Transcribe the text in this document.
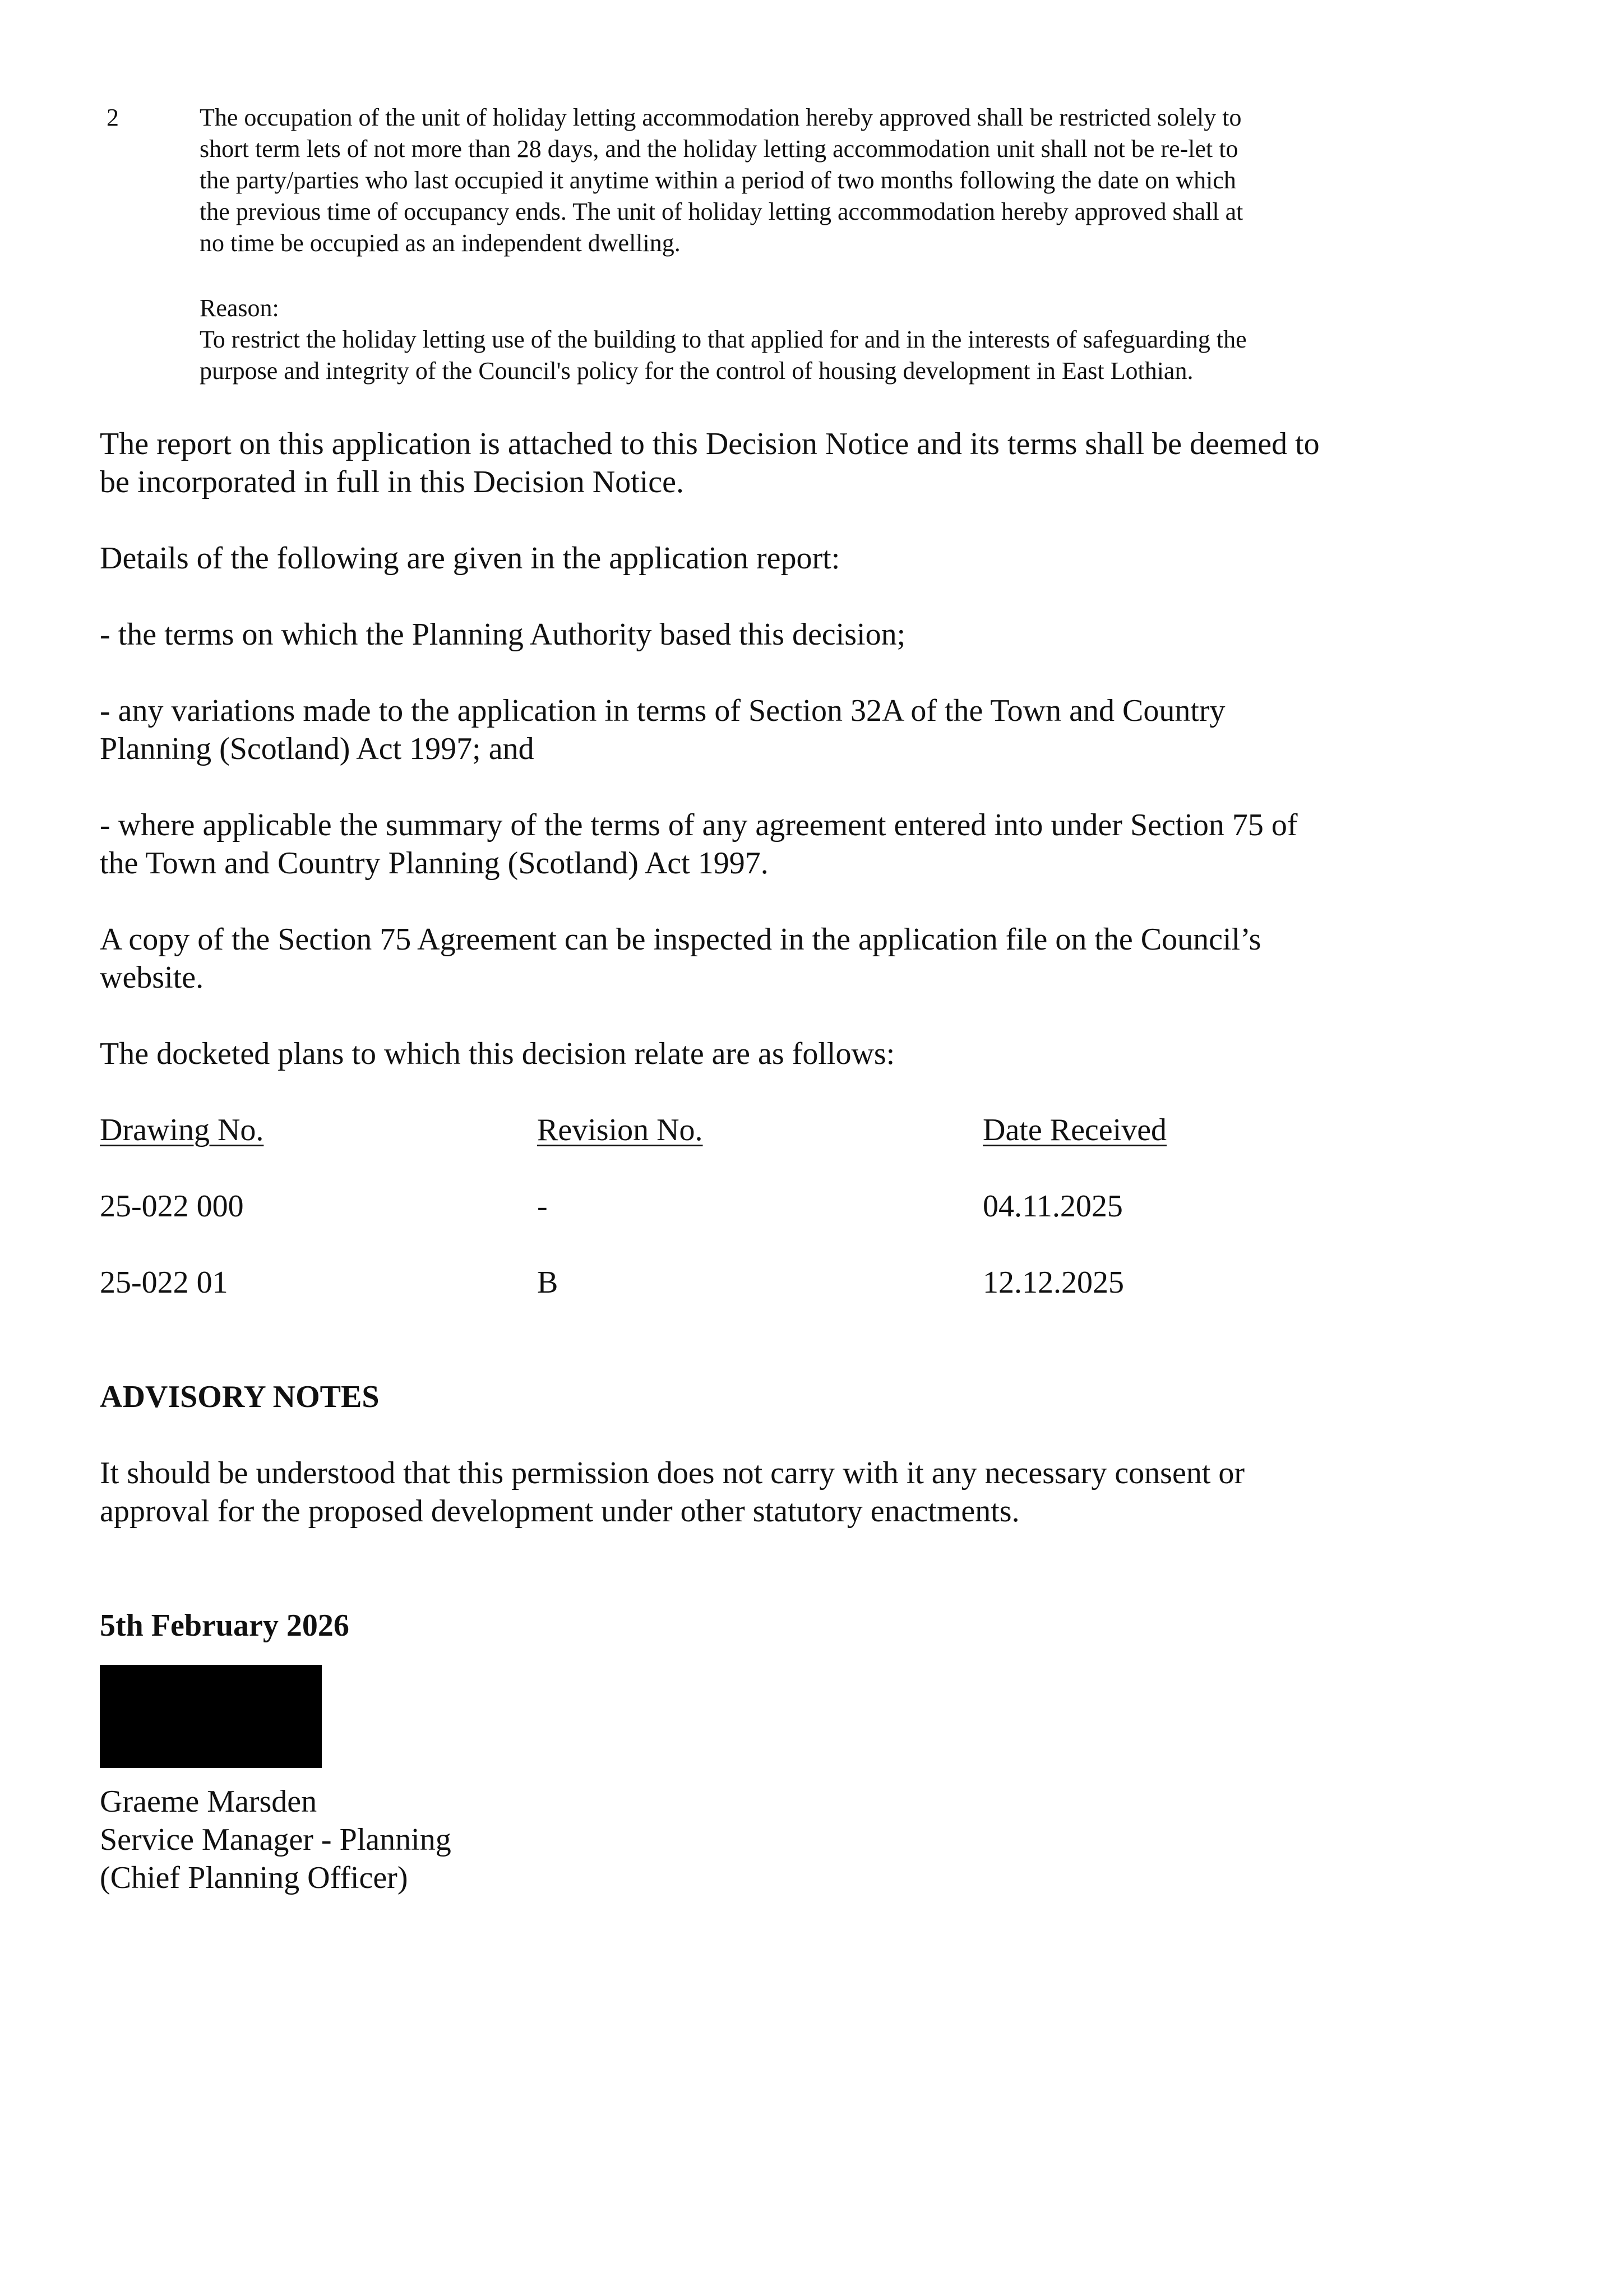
2	The occupation of the unit of holiday letting accommodation hereby approved shall be restricted solely to

short term lets of not more than 28 days, and the holiday letting accommodation unit shall not be re-let to

the party/parties who last occupied it anytime within a period of two months following the date on which

the previous time of occupancy ends. The unit of holiday letting accommodation hereby approved shall at

no time be occupied as an independent dwelling.

Reason:

To restrict the holiday letting use of the building to that applied for and in the interests of safeguarding the

purpose and integrity of the Council's policy for the control of housing development in East Lothian.

The report on this application is attached to this Decision Notice and its terms shall be deemed to
be incorporated in full in this Decision Notice.

Details of the following are given in the application report:

- the terms on which the Planning Authority based this decision;

- any variations made to the application in terms of Section 32A of the Town and Country
Planning (Scotland) Act 1997; and

- where applicable the summary of the terms of any agreement entered into under Section 75 of
the Town and Country Planning (Scotland) Act 1997.

A copy of the Section 75 Agreement can be inspected in the application file on the Council’s
website.

The docketed plans to which this decision relate are as follows:

Drawing No.	Revision No.	Date Received
25-022 000	-	04.11.2025
25-022 01	B	12.12.2025

ADVISORY NOTES

It should be understood that this permission does not carry with it any necessary consent or
approval for the proposed development under other statutory enactments.

5th February 2026

Graeme Marsden

Service Manager - Planning

(Chief Planning Officer)
